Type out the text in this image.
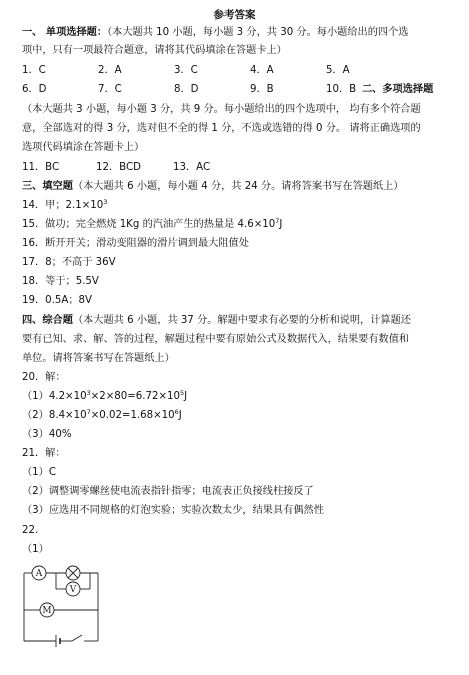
参考答案
一、 单项选择题：（本大题共 10 小题，每小题 3 分，共 30 分。每小题给出的四个选
项中，只有一项最符合题意，请将其代码填涂在答题卡上）
1．C	2．A	3．C	4．A	5．A
6．D	7．C	8．D	9．B	10．B 二、多项选择题
（本大题共 3 小题，每小题 3 分，共 9 分。每小题给出的四个选项中， 均有多个符合题
意，全部选对的得 3 分，选对但不全的得 1 分，不选或选错的得 0 分。 请将正确选项的
选项代码填涂在答题卡上）
11．BC	12．BCD	13．AC
三、填空题（本大题共 6 小题，每小题 4 分，共 24 分。请将答案书写在答题纸上）
14．甲；$2.1\times 10^3$
15．做功；完全燃烧 1Kg 的汽油产生的热量是 $4.6\times 10^7J$
16．断开开关；滑动变阻器的滑片调到最大阻值处
17．8；不高于 36V
18．等于；5.5V
19．0.5A；8V
四、综合题（本大题共 6 小题，共 37 分。解题中要求有必要的分析和说明，计算题还
要有已知、求、解、答的过程，解题过程中要有原始公式及数据代入，结果要有数值和
单位。请将答案书写在答题纸上）
20．解：
$(1)4.2\times 10^3\times 2\times 80=6.72\times 10^5J$
$(2)8.4\times 10^7\times 0.02=1.68\times 10^6J$
（3）40%
21．解：
（1）C
（2）调整调零螺丝使电流表指针指零；电流表正负接线柱接反了
（3）应选用不同规格的灯泡实验；实验次数太少，结果具有偶然性
22．
（1）
A
V
M
